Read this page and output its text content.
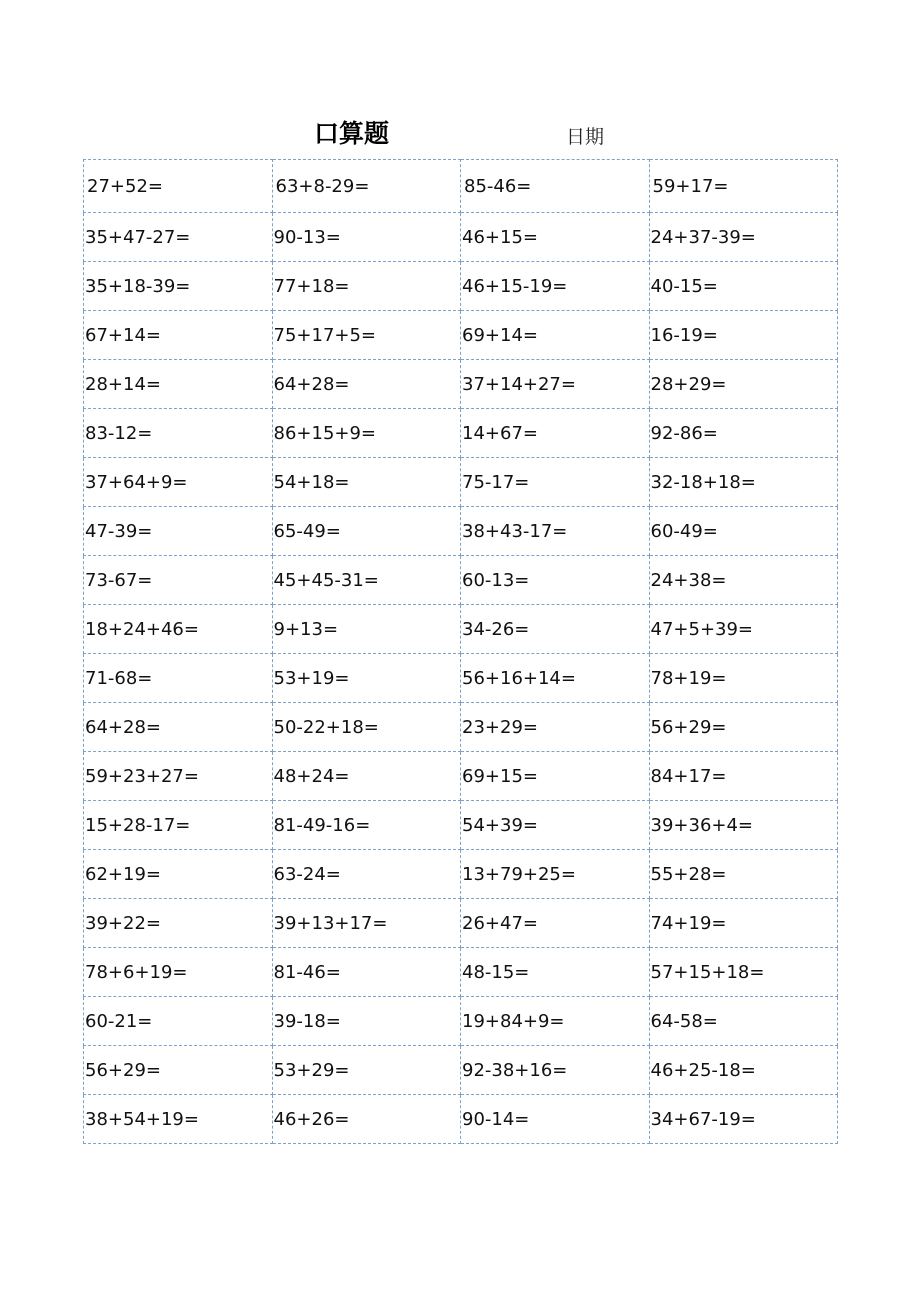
口算题	日期
27+52=	63+8-29=	85-46=	59+17=
35+47-27=	90-13=	46+15=	24+37-39=
35+18-39=	77+18=	46+15-19=	40-15=
67+14=	75+17+5=	69+14=	16-19=
28+14=	64+28=	37+14+27=	28+29=
83-12=	86+15+9=	14+67=	92-86=
37+64+9=	54+18=	75-17=	32-18+18=
47-39=	65-49=	38+43-17=	60-49=
73-67=	45+45-31=	60-13=	24+38=
18+24+46=	9+13=	34-26=	47+5+39=
71-68=	53+19=	56+16+14=	78+19=
64+28=	50-22+18=	23+29=	56+29=
59+23+27=	48+24=	69+15=	84+17=
15+28-17=	81-49-16=	54+39=	39+36+4=
62+19=	63-24=	13+79+25=	55+28=
39+22=	39+13+17=	26+47=	74+19=
78+6+19=	81-46=	48-15=	57+15+18=
60-21=	39-18=	19+84+9=	64-58=
56+29=	53+29=	92-38+16=	46+25-18=
38+54+19=	46+26=	90-14=	34+67-19=
